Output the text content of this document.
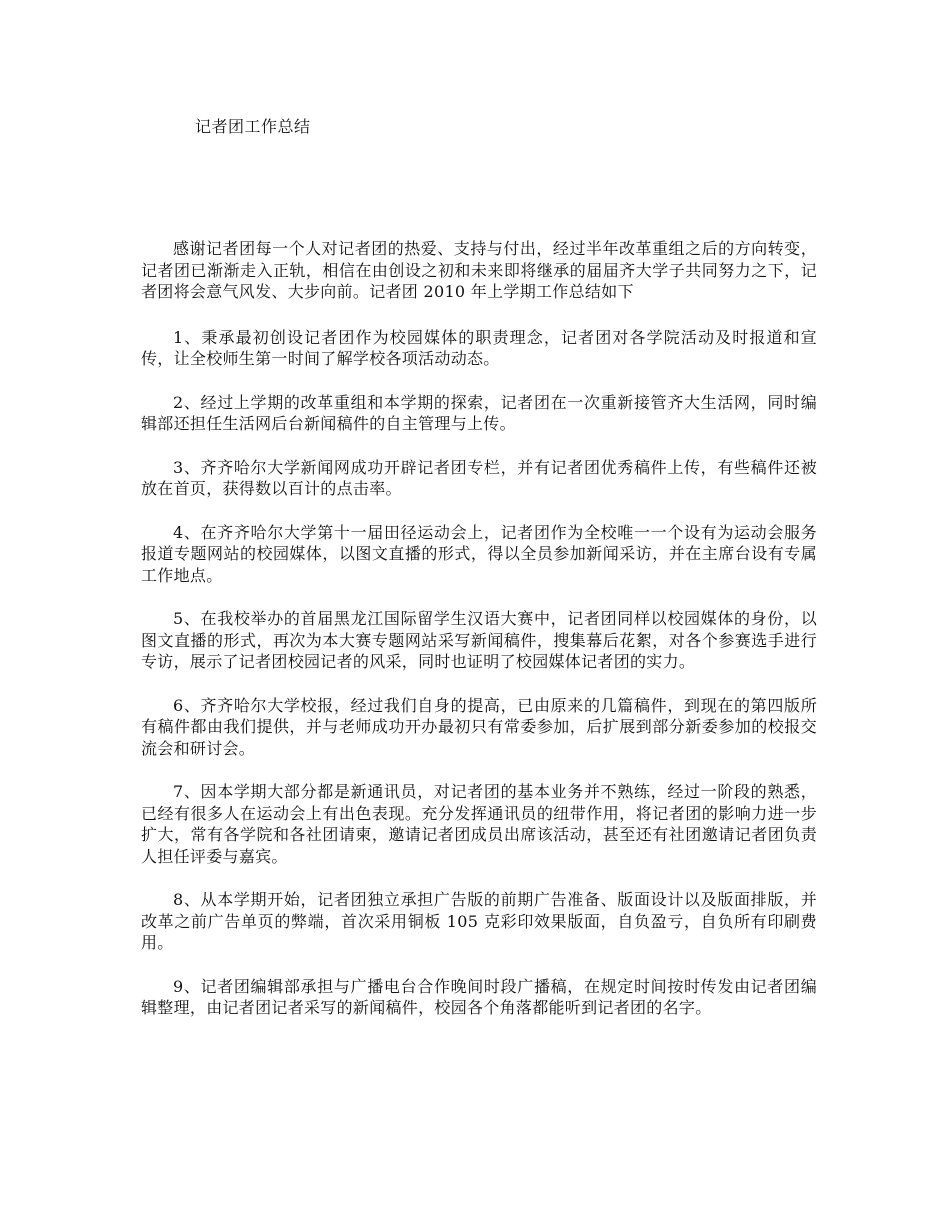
记者团工作总结

感谢记者团每一个人对记者团的热爱、支持与付出，经过半年改革重组之后的方向转变，记者团已渐渐走入正轨，相信在由创设之初和未来即将继承的届届齐大学子共同努力之下，记者团将会意气风发、大步向前。记者团 2010 年上学期工作总结如下

1、秉承最初创设记者团作为校园媒体的职责理念，记者团对各学院活动及时报道和宣传，让全校师生第一时间了解学校各项活动动态。

2、经过上学期的改革重组和本学期的探索，记者团在一次重新接管齐大生活网，同时编辑部还担任生活网后台新闻稿件的自主管理与上传。

3、齐齐哈尔大学新闻网成功开辟记者团专栏，并有记者团优秀稿件上传，有些稿件还被放在首页，获得数以百计的点击率。

4、在齐齐哈尔大学第十一届田径运动会上，记者团作为全校唯一一个设有为运动会服务报道专题网站的校园媒体，以图文直播的形式，得以全员参加新闻采访，并在主席台设有专属工作地点。

5、在我校举办的首届黑龙江国际留学生汉语大赛中，记者团同样以校园媒体的身份，以图文直播的形式，再次为本大赛专题网站采写新闻稿件，搜集幕后花絮，对各个参赛选手进行专访，展示了记者团校园记者的风采，同时也证明了校园媒体记者团的实力。

6、齐齐哈尔大学校报，经过我们自身的提高，已由原来的几篇稿件，到现在的第四版所有稿件都由我们提供，并与老师成功开办最初只有常委参加，后扩展到部分新委参加的校报交流会和研讨会。

7、因本学期大部分都是新通讯员，对记者团的基本业务并不熟练，经过一阶段的熟悉，已经有很多人在运动会上有出色表现。充分发挥通讯员的纽带作用，将记者团的影响力进一步扩大，常有各学院和各社团请柬，邀请记者团成员出席该活动，甚至还有社团邀请记者团负责人担任评委与嘉宾。

8、从本学期开始，记者团独立承担广告版的前期广告准备、版面设计以及版面排版，并改革之前广告单页的弊端，首次采用铜板 105 克彩印效果版面，自负盈亏，自负所有印刷费用。

9、记者团编辑部承担与广播电台合作晚间时段广播稿，在规定时间按时传发由记者团编辑整理，由记者团记者采写的新闻稿件，校园各个角落都能听到记者团的名字。
